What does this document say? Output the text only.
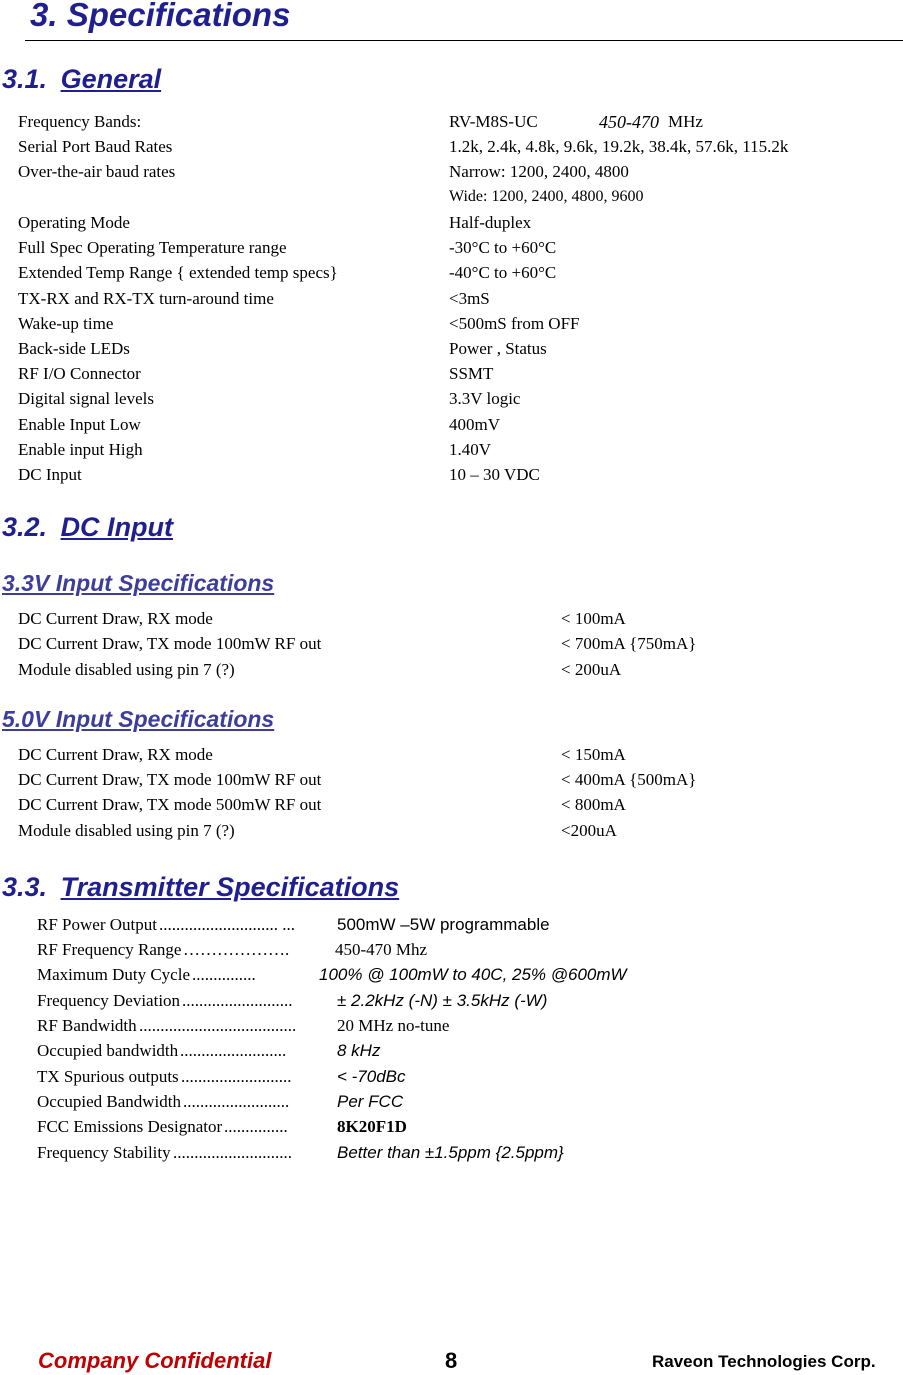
3. Specifications
3.1. General
Frequency Bands:	RV-M8S-UC	450-470 MHz
Serial Port Baud Rates	1.2k, 2.4k, 4.8k, 9.6k, 19.2k, 38.4k, 57.6k, 115.2k
Over-the-air baud rates	Narrow: 1200, 2400, 4800
Wide: 1200, 2400, 4800, 9600
Operating Mode	Half-duplex
Full Spec Operating Temperature range	-30°C to +60°C
Extended Temp Range { extended temp specs}	-40°C to +60°C
TX-RX and RX-TX turn-around time	<3mS
Wake-up time	<500mS from OFF
Back-side LEDs	Power , Status
RF I/O Connector	SSMT
Digital signal levels	3.3V logic
Enable Input Low	400mV
Enable input High	1.40V
DC Input	10 – 30 VDC
3.2. DC Input
3.3V Input Specifications
DC Current Draw, RX mode	< 100mA
DC Current Draw, TX mode 100mW RF out	< 700mA {750mA}
Module disabled using pin 7 (?)	< 200uA
5.0V Input Specifications
DC Current Draw, RX mode	< 150mA
DC Current Draw, TX mode 100mW RF out	< 400mA {500mA}
DC Current Draw, TX mode 500mW RF out	< 800mA
Module disabled using pin 7 (?)	<200uA
3.3. Transmitter Specifications
RF Power Output ............................ ...	500mW –5W programmable
RF Frequency Range ……………….	450-470 Mhz
Maximum Duty Cycle ...............	100% @ 100mW to 40C, 25% @600mW
Frequency Deviation ..........................	± 2.2kHz (-N) ± 3.5kHz (-W)
RF Bandwidth .....................................	20 MHz no-tune
Occupied bandwidth .........................	8 kHz
TX Spurious outputs ..........................	< -70dBc
Occupied Bandwidth .........................	Per FCC
FCC Emissions Designator ...............	8K20F1D
Frequency Stability ............................	Better than ±1.5ppm {2.5ppm}
Company Confidential	8	Raveon Technologies Corp.
